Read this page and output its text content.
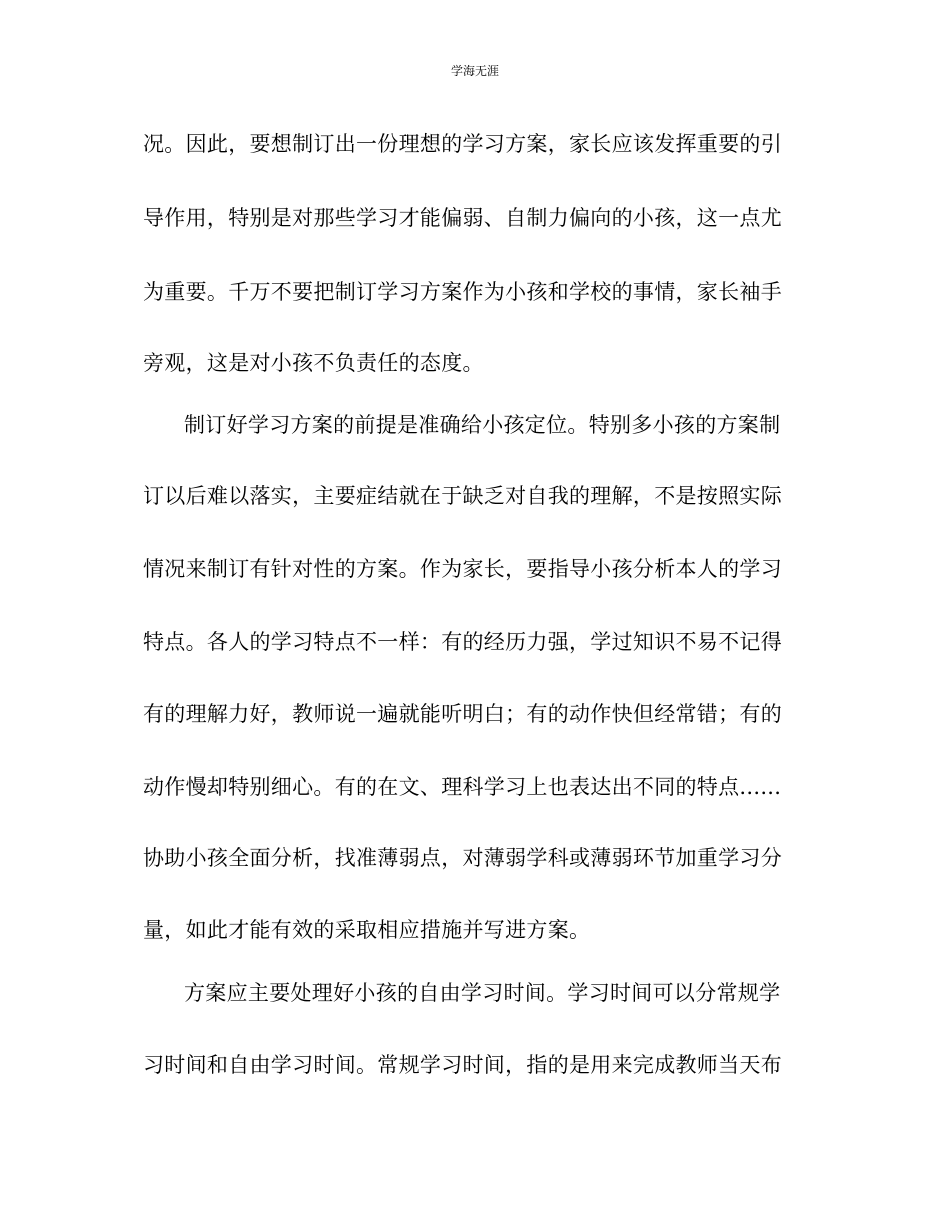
学海无涯
况。因此，要想制订出一份理想的学习方案，家长应该发挥重要的引
导作用，特别是对那些学习才能偏弱、自制力偏向的小孩，这一点尤
为重要。千万不要把制订学习方案作为小孩和学校的事情，家长袖手
旁观，这是对小孩不负责任的态度。
制订好学习方案的前提是准确给小孩定位。特别多小孩的方案制
订以后难以落实，主要症结就在于缺乏对自我的理解，不是按照实际
情况来制订有针对性的方案。作为家长，要指导小孩分析本人的学习
特点。各人的学习特点不一样：有的经历力强，学过知识不易不记得
有的理解力好，教师说一遍就能听明白；有的动作快但经常错；有的
动作慢却特别细心。有的在文、理科学习上也表达出不同的特点......
协助小孩全面分析，找准薄弱点，对薄弱学科或薄弱环节加重学习分
量，如此才能有效的采取相应措施并写进方案。
方案应主要处理好小孩的自由学习时间。学习时间可以分常规学
习时间和自由学习时间。常规学习时间，指的是用来完成教师当天布
